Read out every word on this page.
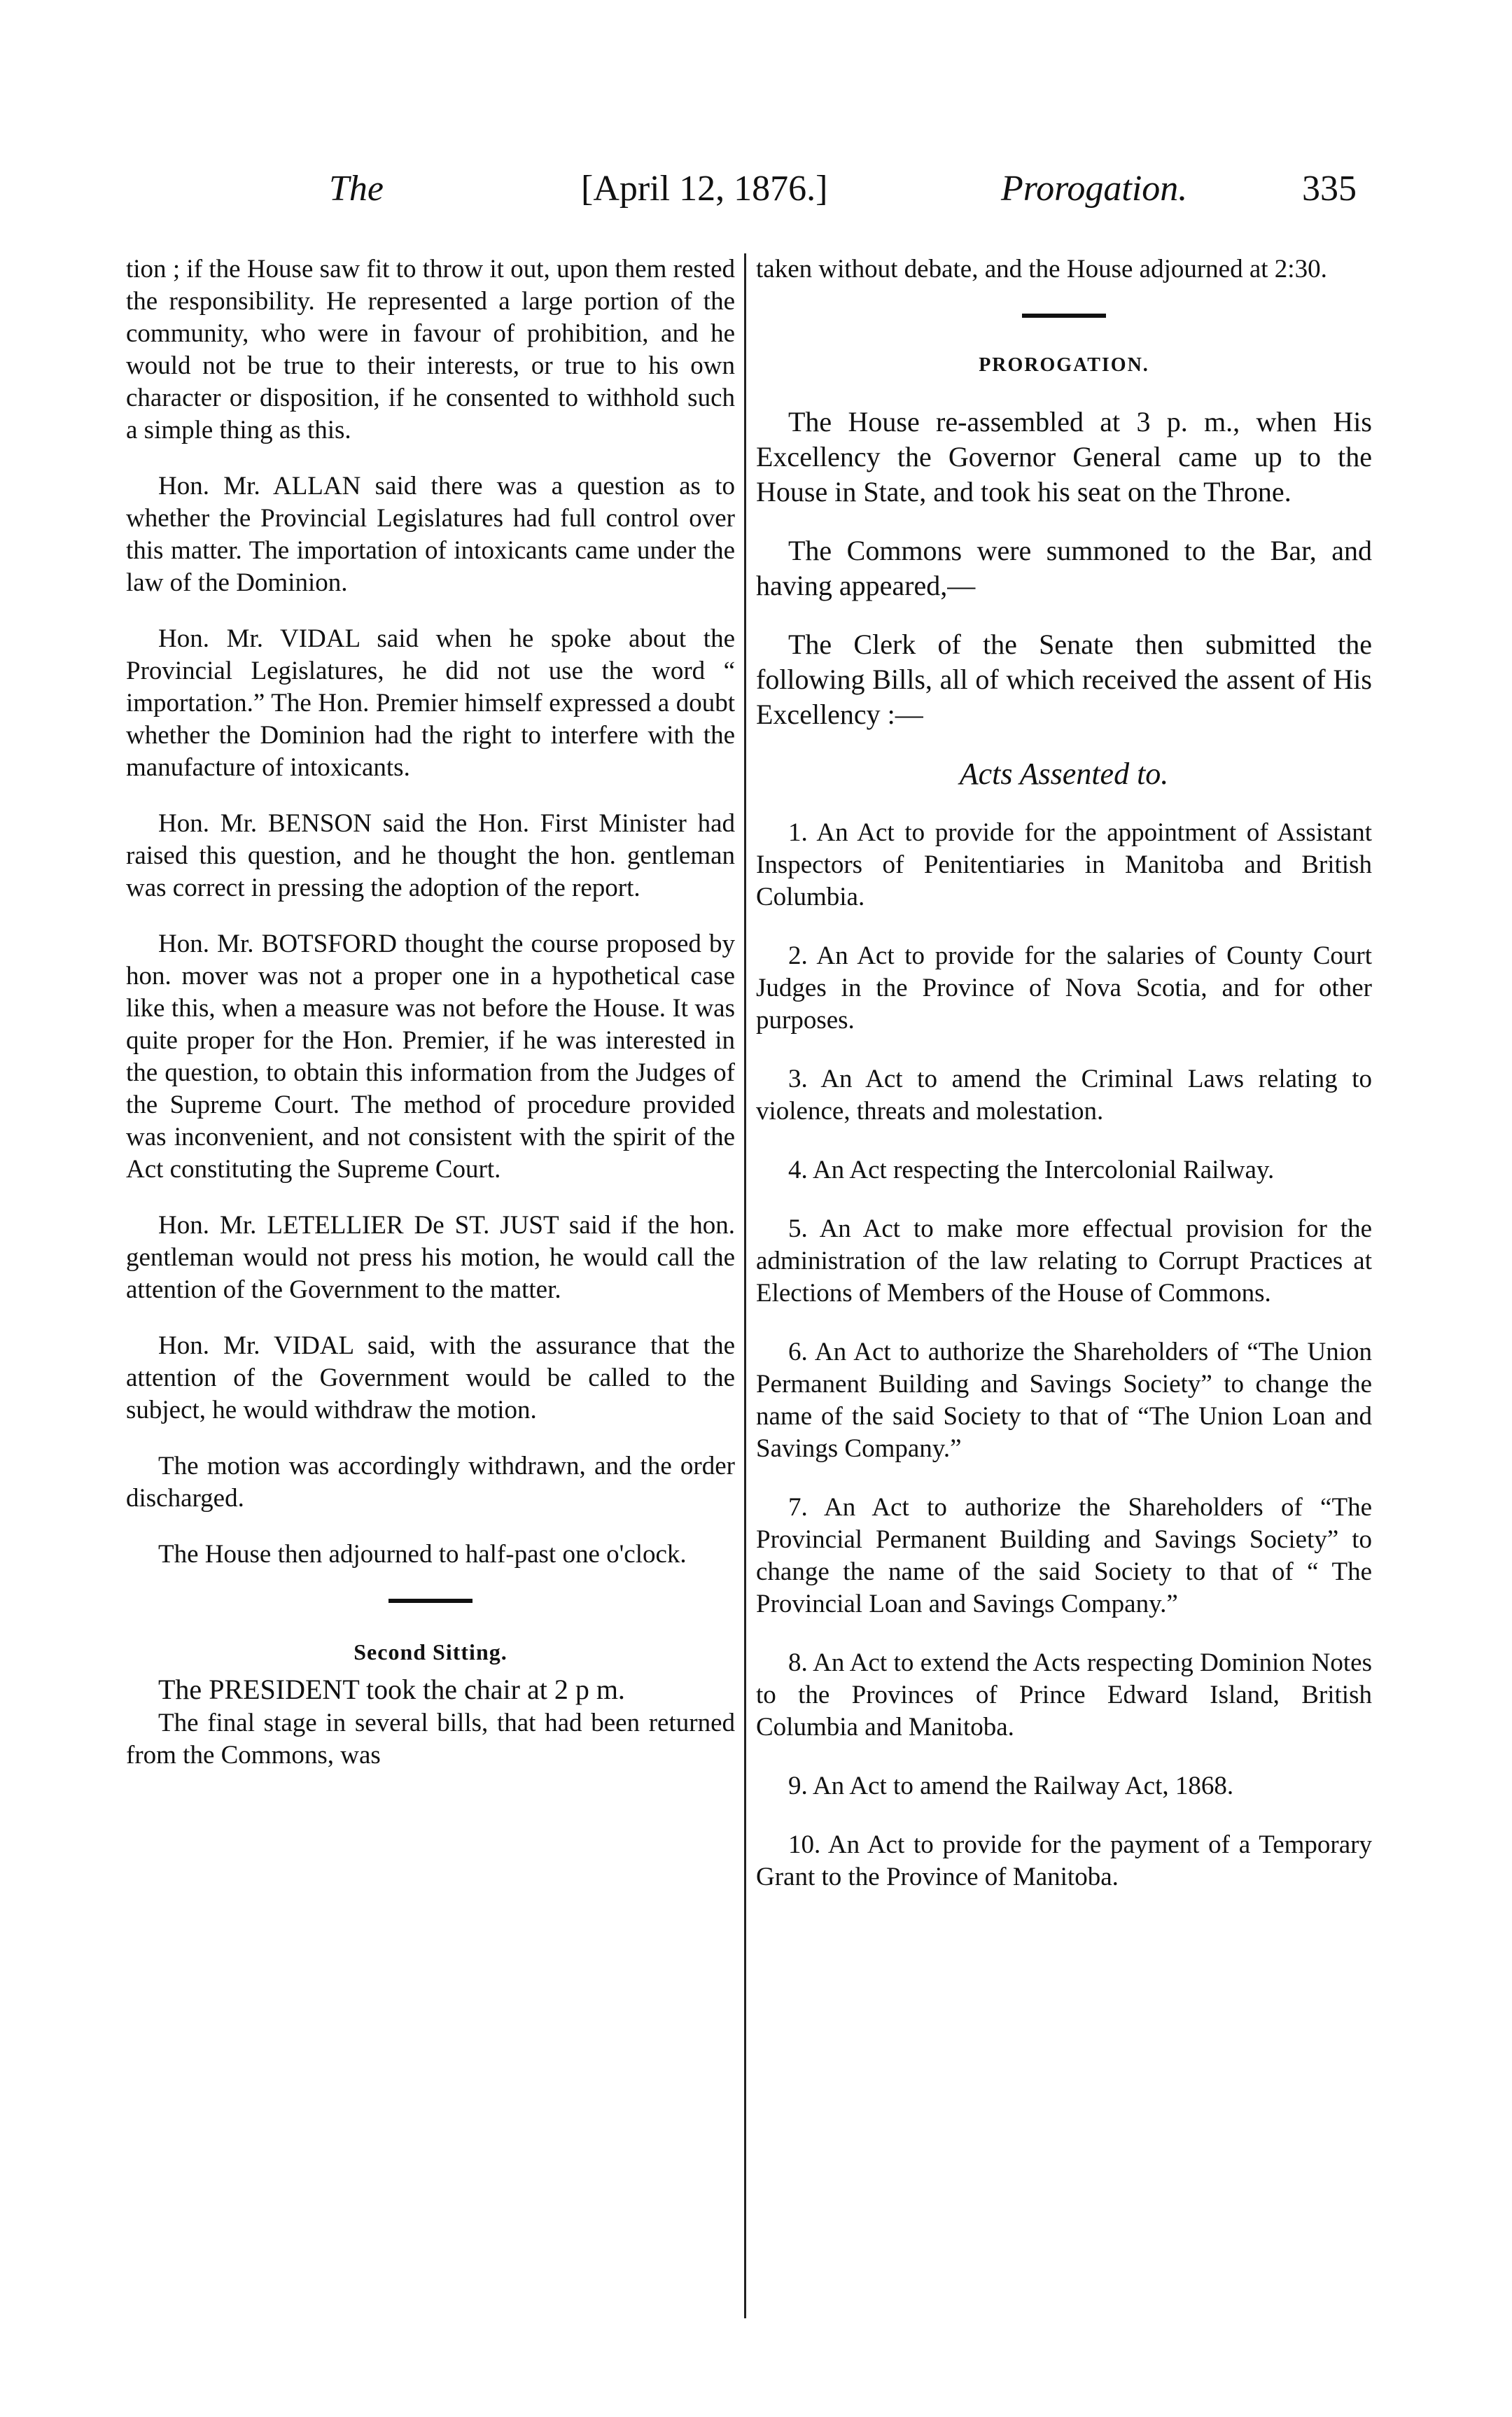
The	[April 12, 1876.]	Prorogation.	335

tion ; if the House saw fit to throw it out, upon them rested the responsibility. He represented a large portion of the community, who were in favour of prohibition, and he would not be true to their interests, or true to his own character or disposition, if he consented to withhold such a simple thing as this.

Hon. Mr. ALLAN said there was a question as to whether the Provincial Legislatures had full control over this matter. The importation of intoxicants came under the law of the Dominion.

Hon. Mr. VIDAL said when he spoke about the Provincial Legislatures, he did not use the word “ importation.” The Hon. Premier himself expressed a doubt whether the Dominion had the right to interfere with the manufacture of intoxicants.

Hon. Mr. BENSON said the Hon. First Minister had raised this question, and he thought the hon. gentleman was correct in pressing the adoption of the report.

Hon. Mr. BOTSFORD thought the course proposed by hon. mover was not a proper one in a hypothetical case like this, when a measure was not before the House. It was quite proper for the Hon. Premier, if he was interested in the question, to obtain this information from the Judges of the Supreme Court. The method of procedure provided was inconvenient, and not consistent with the spirit of the Act constituting the Supreme Court.

Hon. Mr. LETELLIER De ST. JUST said if the hon. gentleman would not press his motion, he would call the attention of the Government to the matter.

Hon. Mr. VIDAL said, with the assurance that the attention of the Government would be called to the subject, he would withdraw the motion.

The motion was accordingly withdrawn, and the order discharged.

The House then adjourned to half-past one o'clock.

Second Sitting.

The PRESIDENT took the chair at 2 p m.

The final stage in several bills, that had been returned from the Commons, was

taken without debate, and the House adjourned at 2:30.

PROROGATION.

The House re-assembled at 3 p. m., when His Excellency the Governor General came up to the House in State, and took his seat on the Throne.

The Commons were summoned to the Bar, and having appeared,—

The Clerk of the Senate then submitted the following Bills, all of which received the assent of His Excellency :—

Acts Assented to.

1. An Act to provide for the appointment of Assistant Inspectors of Penitentiaries in Manitoba and British Columbia.

2. An Act to provide for the salaries of County Court Judges in the Province of Nova Scotia, and for other purposes.

3. An Act to amend the Criminal Laws relating to violence, threats and molestation.

4. An Act respecting the Intercolonial Railway.

5. An Act to make more effectual provision for the administration of the law relating to Corrupt Practices at Elections of Members of the House of Commons.

6. An Act to authorize the Shareholders of “The Union Permanent Building and Savings Society” to change the name of the said Society to that of “The Union Loan and Savings Company.”

7. An Act to authorize the Shareholders of “The Provincial Permanent Building and Savings Society” to change the name of the said Society to that of “ The Provincial Loan and Savings Company.”

8. An Act to extend the Acts respecting Dominion Notes to the Provinces of Prince Edward Island, British Columbia and Manitoba.

9. An Act to amend the Railway Act, 1868.

10. An Act to provide for the payment of a Temporary Grant to the Province of Manitoba.
